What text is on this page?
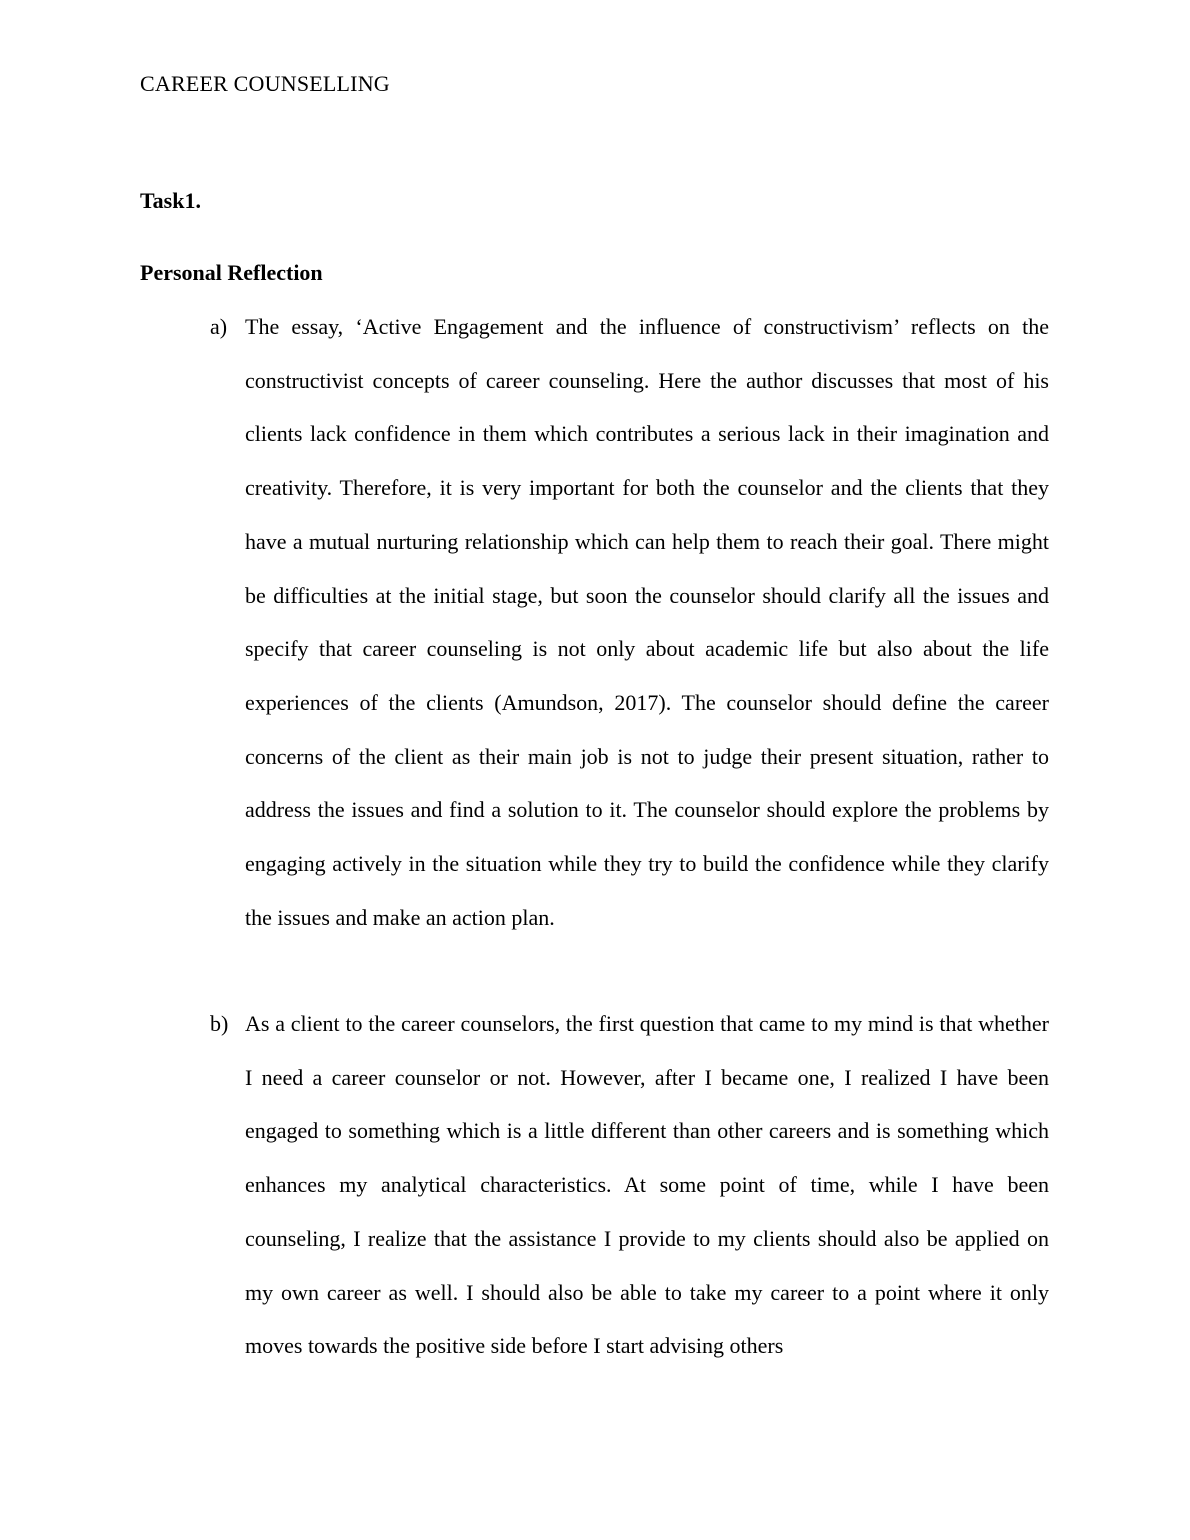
CAREER COUNSELLING
Task1.
Personal Reflection
a) The essay, ‘Active Engagement and the influence of constructivism’ reflects on the constructivist concepts of career counseling. Here the author discusses that most of his clients lack confidence in them which contributes a serious lack in their imagination and creativity. Therefore, it is very important for both the counselor and the clients that they have a mutual nurturing relationship which can help them to reach their goal. There might be difficulties at the initial stage, but soon the counselor should clarify all the issues and specify that career counseling is not only about academic life but also about the life experiences of the clients (Amundson, 2017). The counselor should define the career concerns of the client as their main job is not to judge their present situation, rather to address the issues and find a solution to it. The counselor should explore the problems by engaging actively in the situation while they try to build the confidence while they clarify the issues and make an action plan.

b) As a client to the career counselors, the first question that came to my mind is that whether I need a career counselor or not. However, after I became one, I realized I have been engaged to something which is a little different than other careers and is something which enhances my analytical characteristics. At some point of time, while I have been counseling, I realize that the assistance I provide to my clients should also be applied on my own career as well. I should also be able to take my career to a point where it only moves towards the positive side before I start advising others
